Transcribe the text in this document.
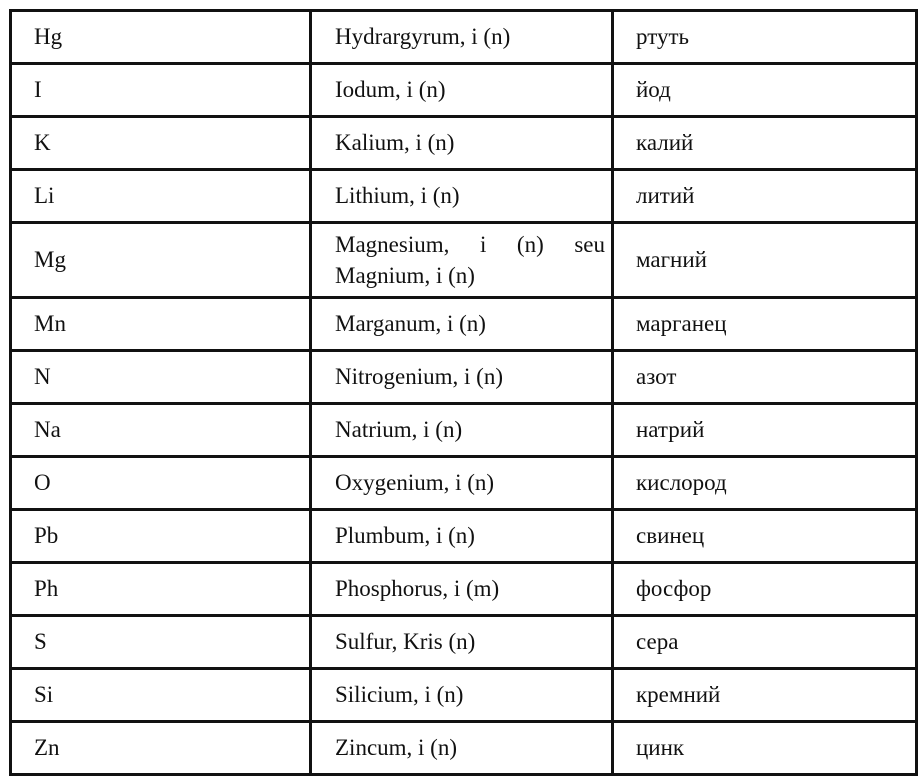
Hg	Hydrargyrum, i (n)	ртуть
I	Iodum, i (n)	йод
K	Kalium, i (n)	калий
Li	Lithium, i (n)	литий
Mg	Magnesium, i (n) seu Magnium, i (n)	магний
Mn	Marganum, i (n)	марганец
N	Nitrogenium, i (n)	азот
Na	Natrium, i (n)	натрий
O	Oxygenium, i (n)	кислород
Pb	Plumbum, i (n)	свинец
Ph	Phosphorus, i (m)	фосфор
S	Sulfur, Kris (n)	сера
Si	Silicium, i (n)	кремний
Zn	Zincum, i (n)	цинк
